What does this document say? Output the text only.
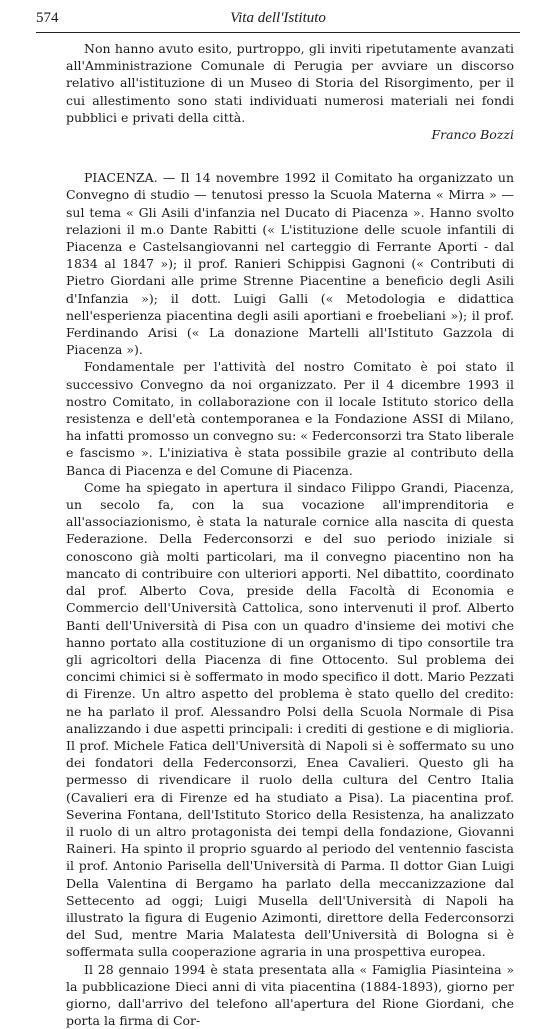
574	Vita dell'Istituto

Non hanno avuto esito, purtroppo, gli inviti ripetutamente avanzati all'Amministrazione Comunale di Perugia per avviare un discorso relativo all'istituzione di un Museo di Storia del Risorgimento, per il cui allestimento sono stati individuati numerosi materiali nei fondi pubblici e privati della città.

Franco Bozzi

PIACENZA. — Il 14 novembre 1992 il Comitato ha organizzato un Convegno di studio — tenutosi presso la Scuola Materna « Mirra » — sul tema « Gli Asili d'infanzia nel Ducato di Piacenza ». Hanno svolto relazioni il m.o Dante Rabitti (« L'istituzione delle scuole infantili di Piacenza e Castelsangiovanni nel carteggio di Ferrante Aporti - dal 1834 al 1847 »); il prof. Ranieri Schippisi Gagnoni (« Contributi di Pietro Giordani alle prime Strenne Piacentine a beneficio degli Asili d'Infanzia »); il dott. Luigi Galli (« Metodologia e didattica nell'esperienza piacentina degli asili aportiani e froebeliani »); il prof. Ferdinando Arisi (« La donazione Martelli all'Istituto Gazzola di Piacenza »).

Fondamentale per l'attività del nostro Comitato è poi stato il successivo Convegno da noi organizzato. Per il 4 dicembre 1993 il nostro Comitato, in collaborazione con il locale Istituto storico della resistenza e dell'età contemporanea e la Fondazione ASSI di Milano, ha infatti promosso un convegno su: « Federconsorzi tra Stato liberale e fascismo ». L'iniziativa è stata possibile grazie al contributo della Banca di Piacenza e del Comune di Piacenza.

Come ha spiegato in apertura il sindaco Filippo Grandi, Piacenza, un secolo fa, con la sua vocazione all'imprenditoria e all'associazionismo, è stata la naturale cornice alla nascita di questa Federazione. Della Federconsorzi e del suo periodo iniziale si conoscono già molti particolari, ma il convegno piacentino non ha mancato di contribuire con ulteriori apporti. Nel dibattito, coordinato dal prof. Alberto Cova, preside della Facoltà di Economia e Commercio dell'Università Cattolica, sono intervenuti il prof. Alberto Banti dell'Università di Pisa con un quadro d'insieme dei motivi che hanno portato alla costituzione di un organismo di tipo consortile tra gli agricoltori della Piacenza di fine Ottocento. Sul problema dei concimi chimici si è soffermato in modo specifico il dott. Mario Pezzati di Firenze. Un altro aspetto del problema è stato quello del credito: ne ha parlato il prof. Alessandro Polsi della Scuola Normale di Pisa analizzando i due aspetti principali: i crediti di gestione e di miglioria. Il prof. Michele Fatica dell'Università di Napoli si è soffermato su uno dei fondatori della Federconsorzi, Enea Cavalieri. Questo gli ha permesso di rivendicare il ruolo della cultura del Centro Italia (Cavalieri era di Firenze ed ha studiato a Pisa). La piacentina prof. Severina Fontana, dell'Istituto Storico della Resistenza, ha analizzato il ruolo di un altro protagonista dei tempi della fondazione, Giovanni Raineri. Ha spinto il proprio sguardo al periodo del ventennio fascista il prof. Antonio Parisella dell'Università di Parma. Il dottor Gian Luigi Della Valentina di Bergamo ha parlato della meccanizzazione dal Settecento ad oggi; Luigi Musella dell'Università di Napoli ha illustrato la figura di Eugenio Azimonti, direttore della Federconsorzi del Sud, mentre Maria Malatesta dell'Università di Bologna si è soffermata sulla cooperazione agraria in una prospettiva europea.

Il 28 gennaio 1994 è stata presentata alla « Famiglia Piasinteina » la pubblicazione Dieci anni di vita piacentina (1884-1893), giorno per giorno, dall'arrivo del telefono all'apertura del Rione Giordani, che porta la firma di Cor-
